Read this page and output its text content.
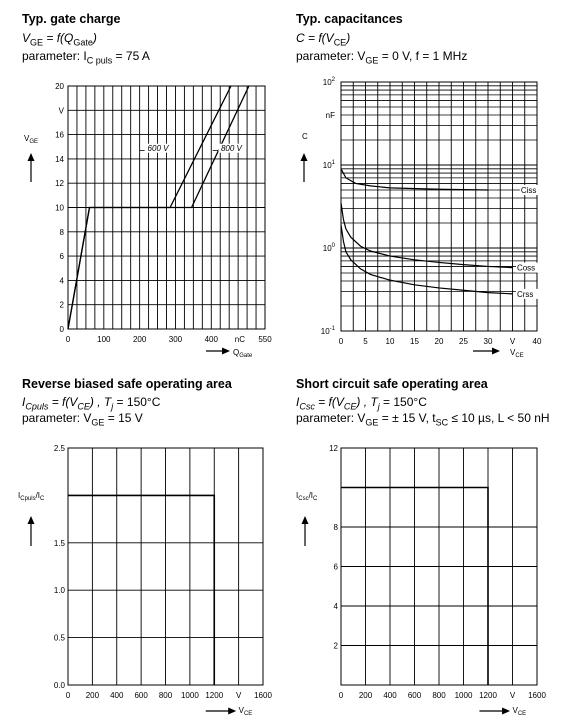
Typ. gate charge
$V_{GE} = f(Q_{Gate})$
parameter: $I_{C puls} = 75$ A
Typ. capacitances
$C = f(V_{CE})$
parameter: $V_{GE} = 0$ V, f = 1 MHz
Reverse biased safe operating area
$I_{Cpuls} = f(V_{CE})$ , $T_j = 150^\circ C$
parameter: $V_{GE} = 15$ V
Short circuit safe operating area
$I_{Csc} = f(V_{CE})$ , $T_j = 150^\circ C$
parameter: $V_{GE}$ = ± 15 V, $t_{SC} \le 10$ µs, L < 50 nH
0	100	200	300	400 nC 550
0
2
4
6
8
10
12
14
16
V
20
600 V	800 V
$V_{GE}$
$Q_{Gate}$
0	5 10 15 20 25 30 V 40
$10^{-1}$
$10^0$
$10^1$
$10^2$
nF
Ciss
Coss
Crss
C
$V_{CE}$
0 200 400 600 800 1000 1200 V 1600
0.0
0.5
1.0
1.5
2.5
$I_{Cpuls}/I_C$
$V_{CE}$
0 200 400 600 800 1000 1200 V 1600
2
4
6
8
12
$I_{Csc}/I_C$
$V_{CE}$
